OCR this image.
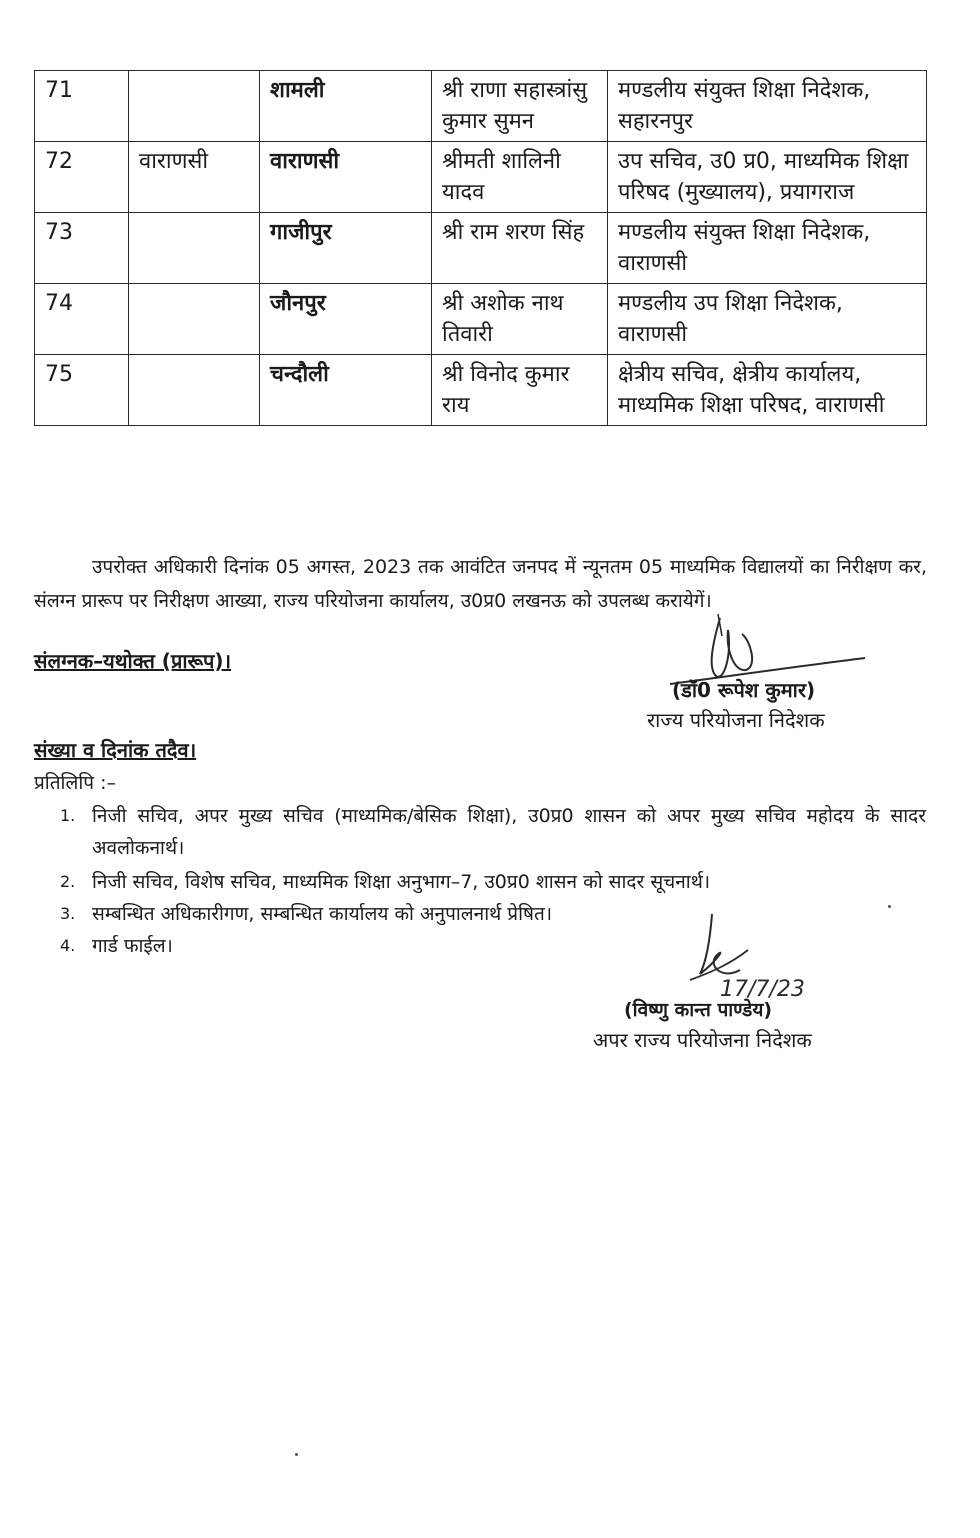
71		शामली	श्री राणा सहास्त्रांसु कुमार सुमन	मण्डलीय संयुक्त शिक्षा निदेशक, सहारनपुर
72	वाराणसी	वाराणसी	श्रीमती शालिनी यादव	उप सचिव, उ0 प्र0, माध्यमिक शिक्षा परिषद (मुख्यालय), प्रयागराज
73		गाजीपुर	श्री राम शरण सिंह	मण्डलीय संयुक्त शिक्षा निदेशक, वाराणसी
74		जौनपुर	श्री अशोक नाथ तिवारी	मण्डलीय उप शिक्षा निदेशक, वाराणसी
75		चन्दौली	श्री विनोद कुमार राय	क्षेत्रीय सचिव, क्षेत्रीय कार्यालय, माध्यमिक शिक्षा परिषद, वाराणसी
उपरोक्त अधिकारी दिनांक 05 अगस्त, 2023 तक आवंटित जनपद में न्यूनतम 05 माध्यमिक विद्यालयों का निरीक्षण कर, संलग्न प्रारूप पर निरीक्षण आख्या, राज्य परियोजना कार्यालय, उ0प्र0 लखनऊ को उपलब्ध करायेगें।
संलग्नक–यथोक्त (प्रारूप)।
(डॉ0 रूपेश कुमार)
राज्य परियोजना निदेशक
संख्या व दिनांक तदैव।
प्रतिलिपि :–
1. निजी सचिव, अपर मुख्य सचिव (माध्यमिक/बेसिक शिक्षा), उ0प्र0 शासन को अपर मुख्य सचिव महोदय के सादर अवलोकनार्थ।
2. निजी सचिव, विशेष सचिव, माध्यमिक शिक्षा अनुभाग–7, उ0प्र0 शासन को सादर सूचनार्थ।
3. सम्बन्धित अधिकारीगण, सम्बन्धित कार्यालय को अनुपालनार्थ प्रेषित।
4. गार्ड फाईल।
17/7/23
(विष्णु कान्त पाण्डेय)
अपर राज्य परियोजना निदेशक
